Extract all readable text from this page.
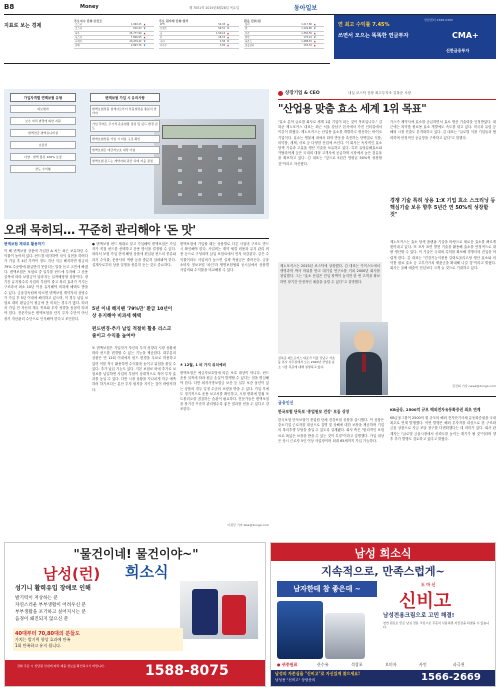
B8	Money	제 7051号 2019년8월28일 목요일	동아일보
연 최고 수익률 7.45%
쓰면서 모으는 똑똑한 연금투자	CMA+
상담센터 1588-0365
신한금융투자
지표로 보는 경제
주요지수 단위:포인트
코스피	1,960.25	▲
코스닥	610.43	▼
다우	25,777.90	▲
나스닥	7,826.95	▲
니케이	20,479.42	▼
상해	2,893.76	▼
주요 원자재 단위:달러
WTI	54.93	▲
브렌트	59.51	▼
금	1,542.6	▲
은	18.15	▲
구리	2.56	▼
옥수수	3.65	▲
환율 단위:원
달러	1,217.80	▲
엔	1,149.80	▼
유로	1,350.56	▲
위안	170.22	▼
파운드	1,488.45	▲
홍콩달러	155.32	▲
가입자격별 연맥보험 유형
피보험자
보수 자리 변경에 의한 지원
변액연금·변액유니버설
보장성
다양 · 변액 종류 100% 보장
한도 수익형
변액보험 가입 시 유의사항
변액보험상품 설계사로부터 상품설명을 충분히 받아야
가입 후에도 주기적 운용현황 점검 및 펀드 변경 검토
변액보험상품 가입 시 비용 구조 확인
변액보험은 예금자보호 대상 아님
변액보험 펀드는 계약자의 판단 하에 자율 결정
오래 묵히되… 꾸준히 관리해야 '돈 맛'
변액보험 제대로 활용하기
이 해 변액보험 상품에 가입한 A 씨는 최근 보유하던 수익률이 높아져 있다. 펀드를 매각하여 차익 실현을 하려다가 가입 후 4년 가까이 정도 지난 지금 해지하면 원금의 79% 수준밖에 환급받지 못한다는 말을 듣고 고민에 빠졌다. 변액보험은 보험료 중 일부를 펀드에 투자해 그 운용 실적에 따라 보험금이 달라지는 실적배당형 상품이다. 장기간 유지할수록 사업비 부담이 줄고 복리 효과가 커지는 구조라서 최소 10년 이상 유지해야 비과세 혜택도 받을 수 있다. 금융감독원에 따르면 변액보험 계약자의 상당수가 가입 후 5년 이내에 해지하고 있으며, 이 경우 납입 보험료 대비 환급금이 원금에 못 미치는 경우가 많다. 따라서 가입 전 자신의 재무 목표와 투자 성향을 꼼꼼히 따져야 한다. 전문가들은 변액보험을 단기 투자 수단이 아닌 장기 자산관리 수단으로 인식해야 한다고 조언한다.
● 변액보험 펀드 제대로 알고 가입해야 변액보험은 가입자가 직접 펀드를 선택하고 운용 방식을 결정할 수 있다. 따라서 보험 가입 전에 해당 상품에 편입된 펀드의 종류와 과거 수익률, 운용사의 역량 등을 충분히 살펴봐야 한다. 설계사로부터 상품 설명을 충분히 듣는 것도 중요하다.
5년 이내 해지땐 '79%만' 환급 10년이상 유지해야 비과세 혜택
펀드변경·추가 납입 적절히 활용 리스크 줄이고 수익률 높여야
또 변액보험은 가입자가 자신의 투자 성향과 시장 상황에 따라 펀드를 변경할 수 있는 기능을 제공한다. 대부분의 상품은 연 12회 이내에서 펀드 변경을 무료로 허용하고 있어 이를 적극 활용하면 수익률을 높이고 위험을 줄일 수 있다. 추가 납입 기능도 있다. 기본 보험료 외에 추가로 보험료를 납입하면 사업비 부담이 상대적으로 적어 투자 효과를 높일 수 있다. 다만 시장 상황을 지나치게 자주 예측하려 하기보다는 분산 투자 원칙을 지키는 것이 바람직하다.
변액보험에 가입할 때는 상품별로 다른 사업비 구조도 반드시 확인해야 한다. 사업비는 계약 체결 비용과 유지 관리 비용 등으로 구성되며 납입 보험료에서 먼저 차감된다. 같은 수익률이라도 사업비가 높으면 실제 적립금은 줄어든다. 금융소비자 정보포털 '파인'과 생명보험협회 공시실에서 상품별 사업비와 수익률을 비교해볼 수 있다.
④ 12월, 1 비 가지 위치예비
변액보험은 예금자보호법에 따른 보호 대상이 아니다. 펀드 운용 실적에 따라 원금 손실이 발생할 수 있다는 점을 명심해야 한다. 다만 최저사망보험금 보증 등 일부 보증 옵션이 있는 상품의 경우 일정 수준의 보장을 받을 수 있다. 가입 후에도 정기적으로 운용 보고서를 확인하고, 시장 변화에 맞춰 포트폴리오를 점검하는 습관이 필요하다. 전문가들은 변액보험을 장기간 꾸준히 관리할수록 좋은 결과를 얻을 수 있다고 강조한다.
이정민 기자 bba@donga.com
상장기업 & CEO	내실 코스닥 상장 최고투자조 김복준 사장
"산업용 맞춤 효소 세계 1위 목표"
"효소 분야 글로벌 회사로 세계 1위 기업이 되는 것이 목표입니다." 김복준 제노포커스 대표는 최근 서울 강남구 본사에서 가진 인터뷰에서 이같이 밝혔다. 제노포커스는 산업용 효소를 개발하고 생산하는 바이오 기업이다. 효소는 생물체 내에서 화학 반응을 촉진하는 단백질로 식품, 의약품, 세제, 사료 등 다양한 산업에 쓰인다. 이 회사는 독자적인 효소 탐색 기술과 고효율 생산 기술을 보유하고 있다. 특히 유당분해효소와 카탈라아제 등은 국내외 대형 고객사에 공급하며 시장에서 높은 점유율을 확보하고 있다. 김 대표는 "앞으로 5년간 연평균 50%씩 성장할 것"이라고 자신했다.
제노포커스는 2015년 코스닥에 상장했다. 김 대표는 카이스트에서 생명과학 박사 학위를 받고 대기업 연구소를 거쳐 2000년 회사를 창업했다. 그는 "효소 산업은 진입 장벽이 높지만 한 번 고객을 확보하면 장기간 안정적인 매출을 올릴 수 있다"고 설명했다.
김복준 제노포커스 대표가 서울 강남구 서초동 본사 사무실에서 오는 2020년 산업용 효소 시장 목표에 대해 설명하고 있다.
카스카 제약사에 효소를 공급하면서 효소 생산 기술력을 인정받았다. 최근에는 의약품 원료용 효소 개발에도 속도를 내고 있다. 미국과 유럽 등 해외 시장 진출도 본격화하고 있다. 김 대표는 "글로벌 식품 기업들과 협력하며 안정적인 공급망을 구축하고 있다"고 말했다.
경쟁 기술 특허 상용 1:X 기업 효소 스크리닝 등 핵심기술 보유 향후 5년간 연 50%씩 성장할 것"
제노포커스는 효소 탐색 플랫폼 기술을 바탕으로 새로운 효소를 빠르게 찾아내고 있다. 또 포자 표면 발현 기술을 활용해 효소를 안정적으로 대량 생산할 수 있다. 이 기술은 국내외 특허를 확보해 경쟁사의 진입을 어렵게 한다. 김 대표는 "건강기능식품용 갈락토올리고당 생산 효소와 의약품 원료 효소 등 고부가가치 제품군을 확대해 나갈 것"이라고 밝혔다. 회사는 올해 매출이 전년보다 크게 늘 것으로 기대하고 있다.
김진희 기자 news@donga.com
금융인신
한국보험 단독보 '종업원보 건강' 모둠 상장
한국보험 단독보험이 종업원 단체 건강보험 상품을 출시했다. 이 상품은 중소기업 근로자를 대상으로 질병 및 상해에 대한 보장을 제공하며 기업의 복리후생 부담을 줄일 수 있도록 설계됐다. 회사 측은 "합리적인 보험료로 폭넓은 보장을 받을 수 있는 것이 특징"이라고 설명했다. 가입 대상은 상시 근로자 5인 이상 사업장이며 최대 65세까지 가입 가능하다.
KB금융, 2500억 규모 해외전자유동화증권 최초 연계
KB금융그룹이 2500억 원 규모의 해외 전자단기사채 유동화증권을 국내 최초로 연계 발행했다. 이번 발행은 해외 투자자를 대상으로 한 구조화 금융 상품으로 자금 조달 창구를 다변화했다는 데 의미가 있다. 회사 관계자는 "글로벌 금융시장에서 신뢰도를 높이는 계기가 될 것"이라며 향후 추가 발행도 검토하고 있다고 밝혔다.
"물건이네! 물건이야~"
남성(런) 희소식
성기니 활력유입 장애로 인해
발기력이 저상하는 분
자연스러운 부부생활이 어려우신 분
부부생활을 포기하고 싶어지시는 분
음경이 왜진되지 않으신 분
40대부터 70,80대의 분들도
가치는 발기력 향상 효과에 만족
1회 만족하고 유지 됩니다.
전화 주문 시 상담원 안내에 따라 제품 정보를 확인하시기 바랍니다.	1588-8075
남성 희소식
지속적으로, 만족스럽게~
남자한테 참 좋은데 ~
도 마 신
신비고
남성전용크림으로 고민 해결!
천연 원료로 만든 남성 전용 크림으로 꾸준히 사용하면 자신감을 되찾을 수 있습니다.
● 귀중원료	산수유	석창포	오미자	사인	파극천
남성의 자존심을 "신비고"로 자신있게 찾으세요!
남성용 "신비고" 상담문의	1566-2669
